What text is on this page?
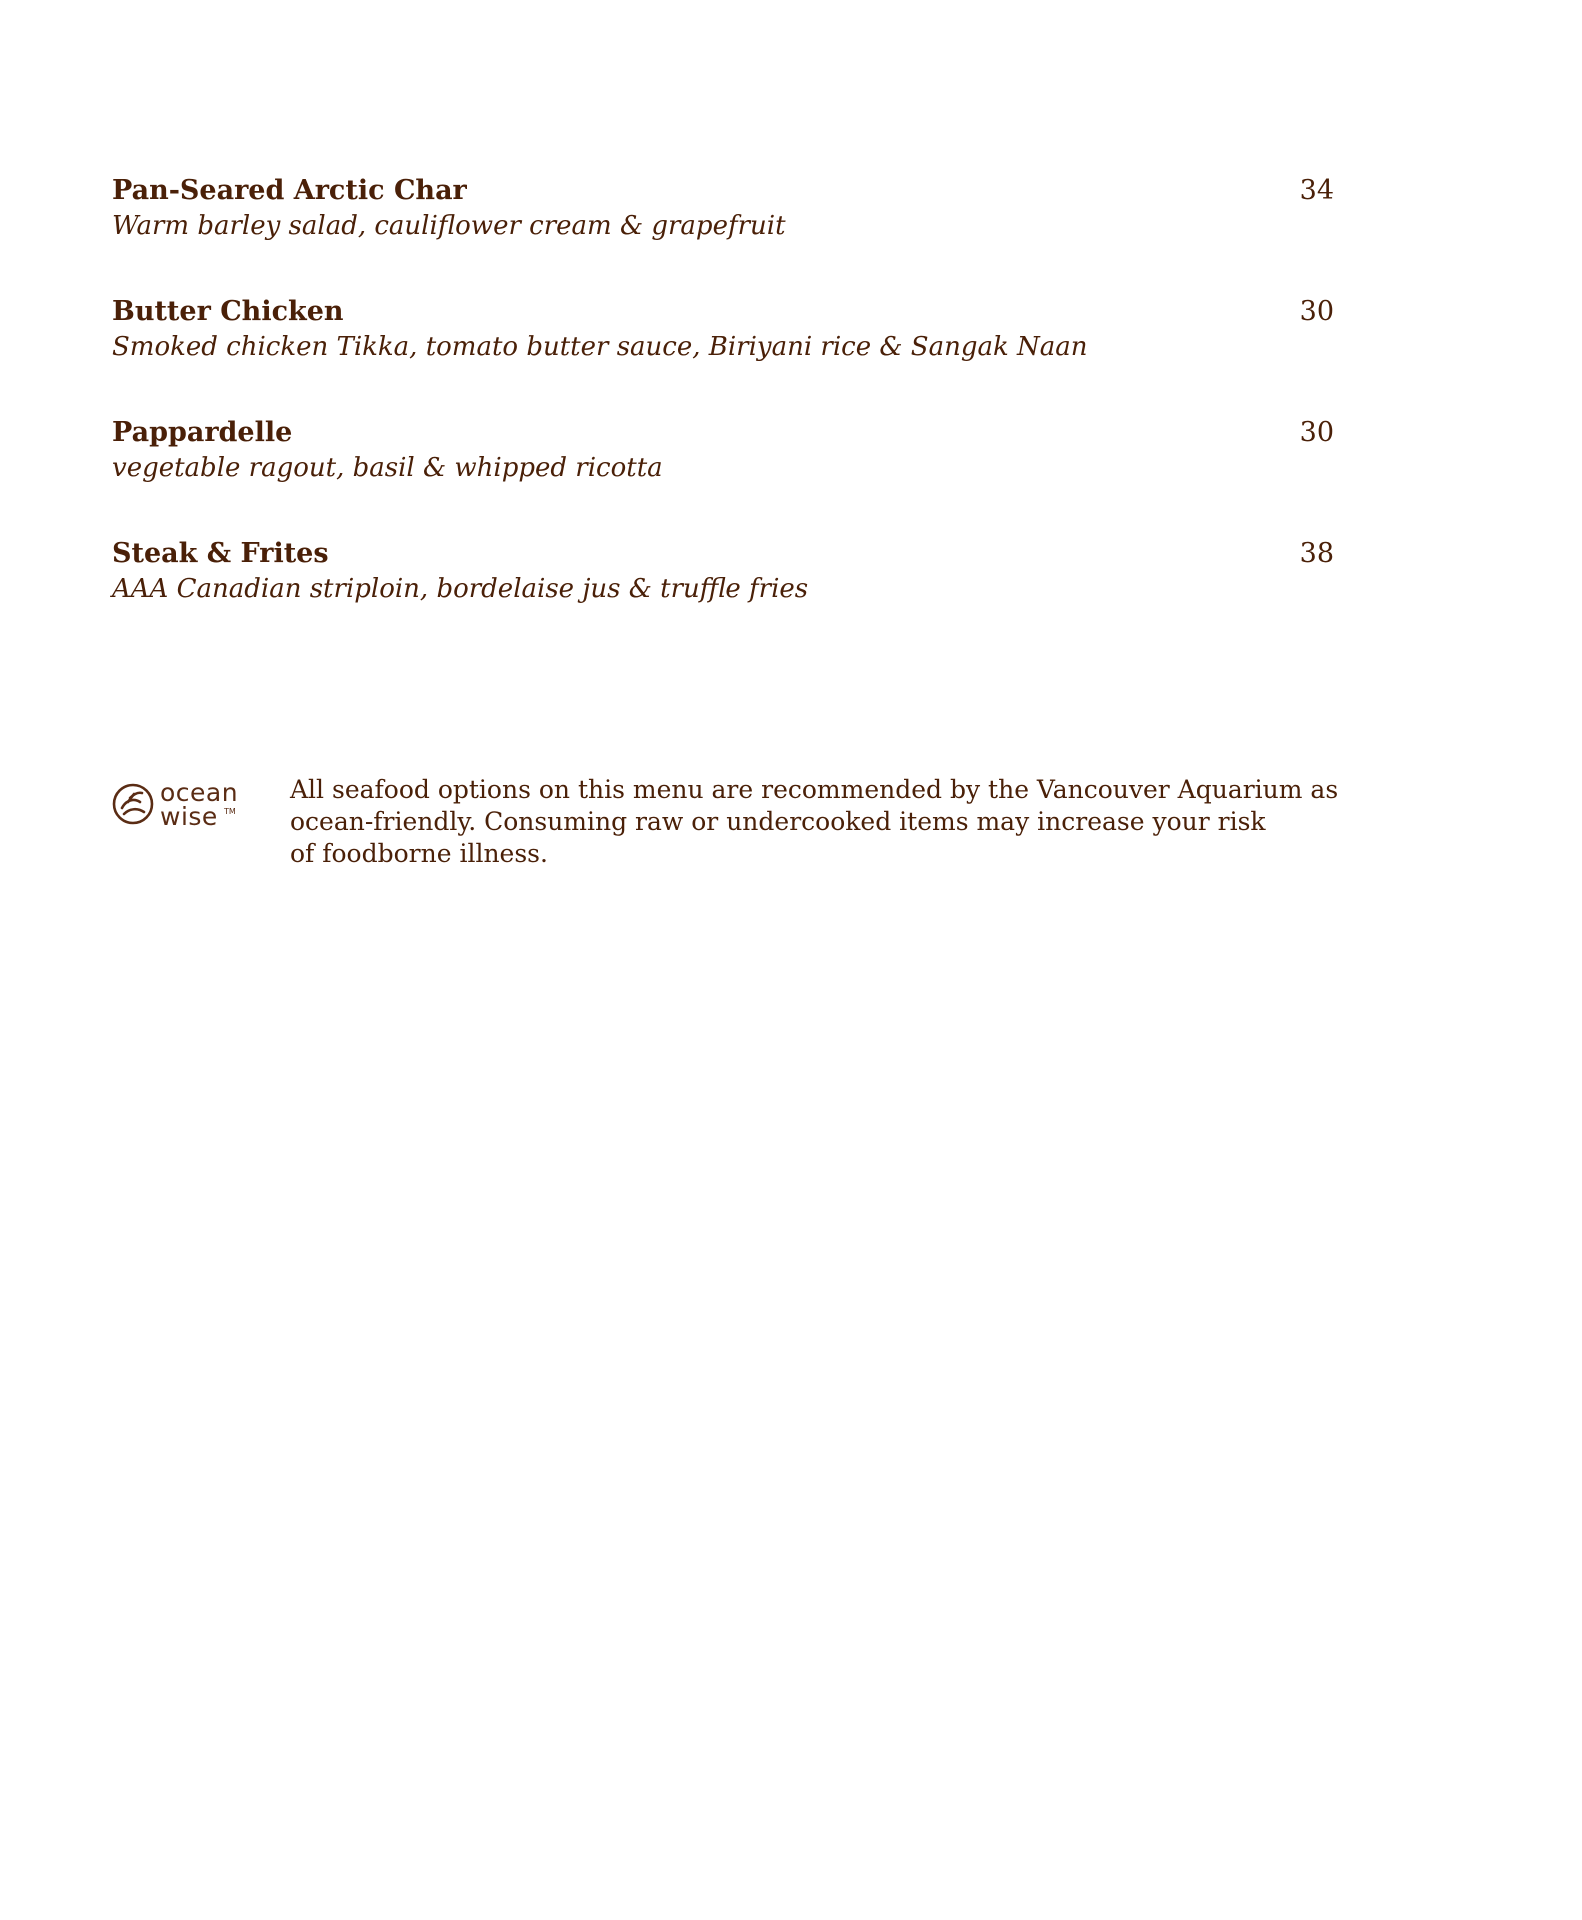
Pan-Seared Arctic Char
Warm barley salad, cauliflower cream & grapefruit
34
Butter Chicken
Smoked chicken Tikka, tomato butter sauce, Biriyani rice & Sangak Naan
30
Pappardelle
vegetable ragout, basil & whipped ricotta
30
Steak & Frites
AAA Canadian striploin, bordelaise jus & truffle fries
38
ocean
wise TM
All seafood options on this menu are recommended by the Vancouver Aquarium as
ocean-friendly. Consuming raw or undercooked items may increase your risk
of foodborne illness.
